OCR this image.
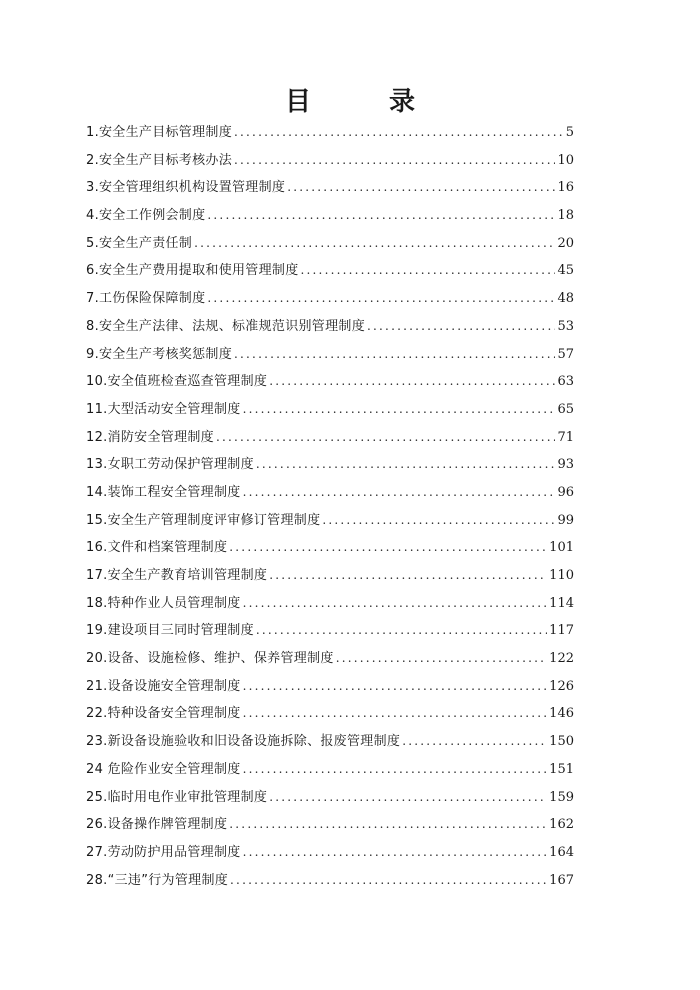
目　录
1.安全生产目标管理制度 .....	5
2.安全生产目标考核办法 .....	10
3.安全管理组织机构设置管理制度 .....	16
4.安全工作例会制度 .....	18
5.安全生产责任制 .....	20
6.安全生产费用提取和使用管理制度 .....	45
7.工伤保险保障制度 .....	48
8.安全生产法律、法规、标准规范识别管理制度 .....	53
9.安全生产考核奖惩制度 .....	57
10.安全值班检查巡查管理制度 .....	63
11.大型活动安全管理制度 .....	65
12.消防安全管理制度 .....	71
13.女职工劳动保护管理制度 .....	93
14.装饰工程安全管理制度 .....	96
15.安全生产管理制度评审修订管理制度 .....	99
16.文件和档案管理制度 .....	101
17.安全生产教育培训管理制度 .....	110
18.特种作业人员管理制度 .....	114
19.建设项目三同时管理制度 .....	117
20.设备、设施检修、维护、保养管理制度 .....	122
21.设备设施安全管理制度 .....	126
22.特种设备安全管理制度 .....	146
23.新设备设施验收和旧设备设施拆除、报废管理制度 .....	150
24 危险作业安全管理制度 .....	151
25.临时用电作业审批管理制度 .....	159
26.设备操作牌管理制度 .....	162
27.劳动防护用品管理制度 .....	164
28.“三违”行为管理制度 .....	167
